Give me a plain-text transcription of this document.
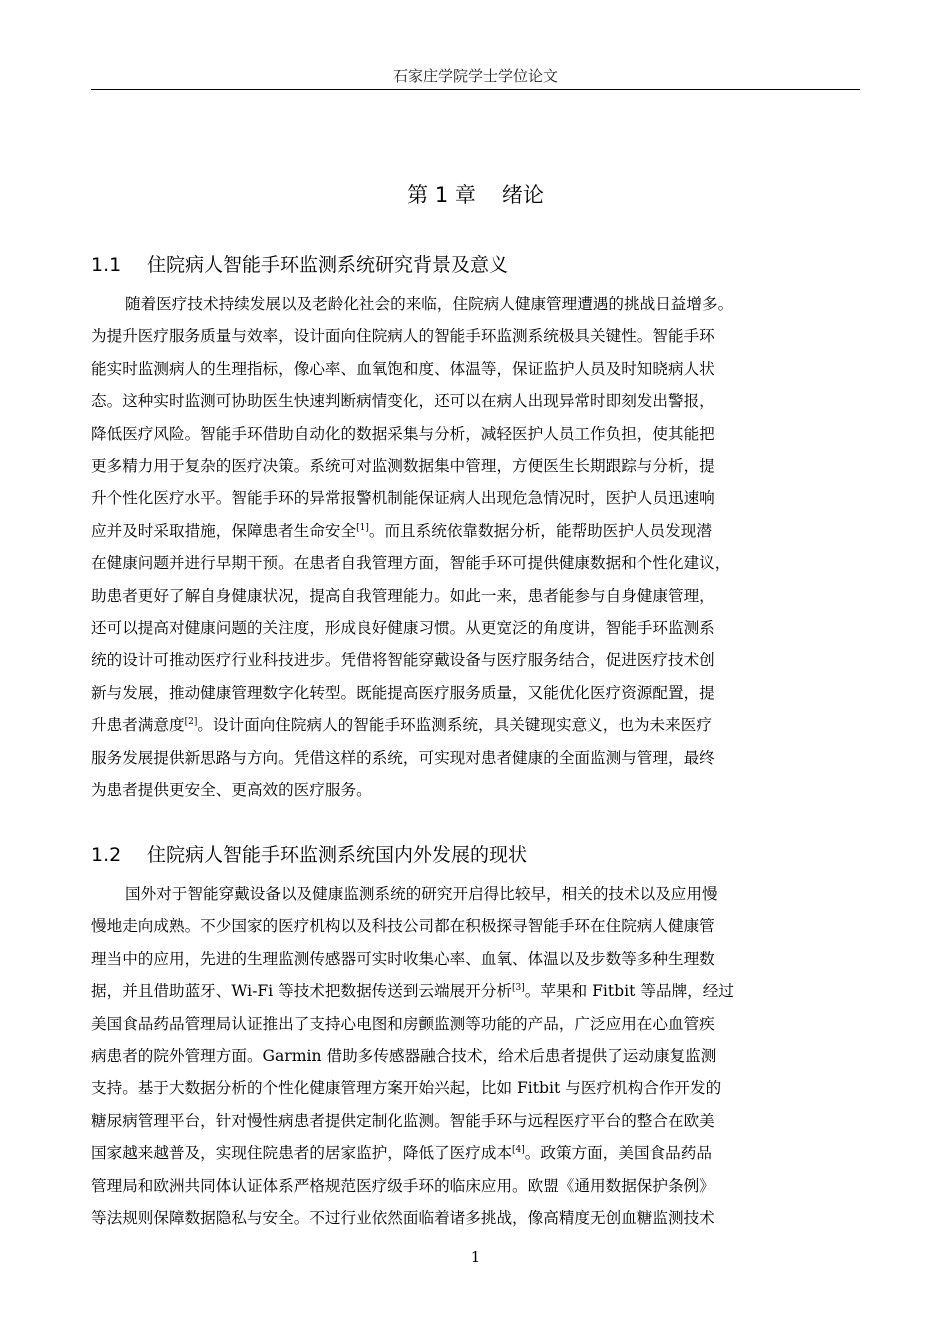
石家庄学院学士学位论文
第 1 章 绪论
1.1 住院病人智能手环监测系统研究背景及意义
随着医疗技术持续发展以及老龄化社会的来临，住院病人健康管理遭遇的挑战日益增多。
为提升医疗服务质量与效率，设计面向住院病人的智能手环监测系统极具关键性。智能手环
能实时监测病人的生理指标，像心率、血氧饱和度、体温等，保证监护人员及时知晓病人状
态。这种实时监测可协助医生快速判断病情变化，还可以在病人出现异常时即刻发出警报，
降低医疗风险。智能手环借助自动化的数据采集与分析，减轻医护人员工作负担，使其能把
更多精力用于复杂的医疗决策。系统可对监测数据集中管理，方便医生长期跟踪与分析，提
升个性化医疗水平。智能手环的异常报警机制能保证病人出现危急情况时，医护人员迅速响
应并及时采取措施，保障患者生命安全[1]。而且系统依靠数据分析，能帮助医护人员发现潜
在健康问题并进行早期干预。在患者自我管理方面，智能手环可提供健康数据和个性化建议，
助患者更好了解自身健康状况，提高自我管理能力。如此一来，患者能参与自身健康管理，
还可以提高对健康问题的关注度，形成良好健康习惯。从更宽泛的角度讲，智能手环监测系
统的设计可推动医疗行业科技进步。凭借将智能穿戴设备与医疗服务结合，促进医疗技术创
新与发展，推动健康管理数字化转型。既能提高医疗服务质量，又能优化医疗资源配置，提
升患者满意度[2]。设计面向住院病人的智能手环监测系统，具关键现实意义，也为未来医疗
服务发展提供新思路与方向。凭借这样的系统，可实现对患者健康的全面监测与管理，最终
为患者提供更安全、更高效的医疗服务。
1.2 住院病人智能手环监测系统国内外发展的现状
国外对于智能穿戴设备以及健康监测系统的研究开启得比较早，相关的技术以及应用慢
慢地走向成熟。不少国家的医疗机构以及科技公司都在积极探寻智能手环在住院病人健康管
理当中的应用，先进的生理监测传感器可实时收集心率、血氧、体温以及步数等多种生理数
据，并且借助蓝牙、Wi-Fi 等技术把数据传送到云端展开分析[3]。苹果和 Fitbit 等品牌，经过
美国食品药品管理局认证推出了支持心电图和房颤监测等功能的产品，广泛应用在心血管疾
病患者的院外管理方面。Garmin 借助多传感器融合技术，给术后患者提供了运动康复监测
支持。基于大数据分析的个性化健康管理方案开始兴起，比如 Fitbit 与医疗机构合作开发的
糖尿病管理平台，针对慢性病患者提供定制化监测。智能手环与远程医疗平台的整合在欧美
国家越来越普及，实现住院患者的居家监护，降低了医疗成本[4]。政策方面，美国食品药品
管理局和欧洲共同体认证体系严格规范医疗级手环的临床应用。欧盟《通用数据保护条例》
等法规则保障数据隐私与安全。不过行业依然面临着诸多挑战，像高精度无创血糖监测技术
1
